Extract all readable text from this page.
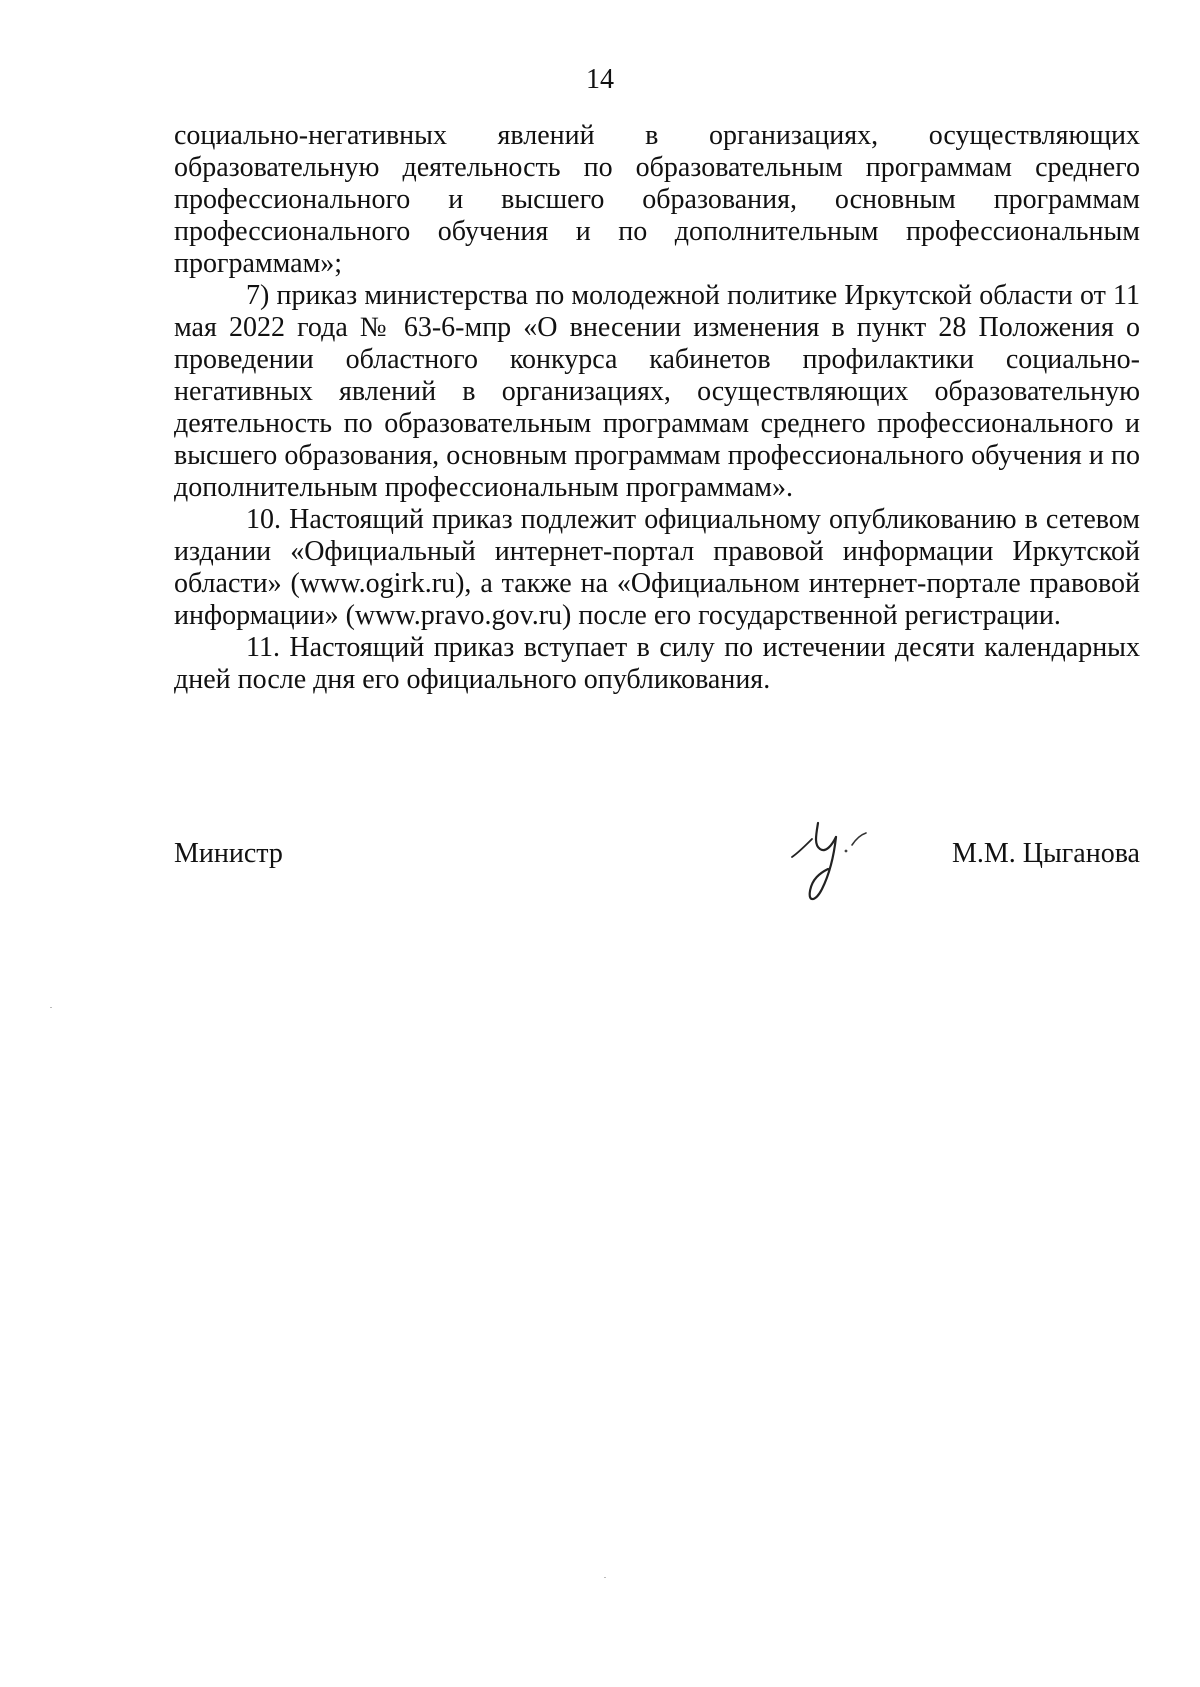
14

социально-негативных явлений в организациях, осуществляющих образовательную деятельность по образовательным программам среднего профессионального и высшего образования, основным программам профессионального обучения и по дополнительным профессиональным программам»;

7) приказ министерства по молодежной политике Иркутской области от 11 мая 2022 года № 63-6-мпр «О внесении изменения в пункт 28 Положения о проведении областного конкурса кабинетов профилактики социально-негативных явлений в организациях, осуществляющих образовательную деятельность по образовательным программам среднего профессионального и высшего образования, основным программам профессионального обучения и по дополнительным профессиональным программам».

10. Настоящий приказ подлежит официальному опубликованию в сетевом издании «Официальный интернет-портал правовой информации Иркутской области» (www.ogirk.ru), а также на «Официальном интернет-портале правовой информации» (www.pravo.gov.ru) после его государственной регистрации.

11. Настоящий приказ вступает в силу по истечении десяти календарных дней после дня его официального опубликования.

Министр	М.М. Цыганова
